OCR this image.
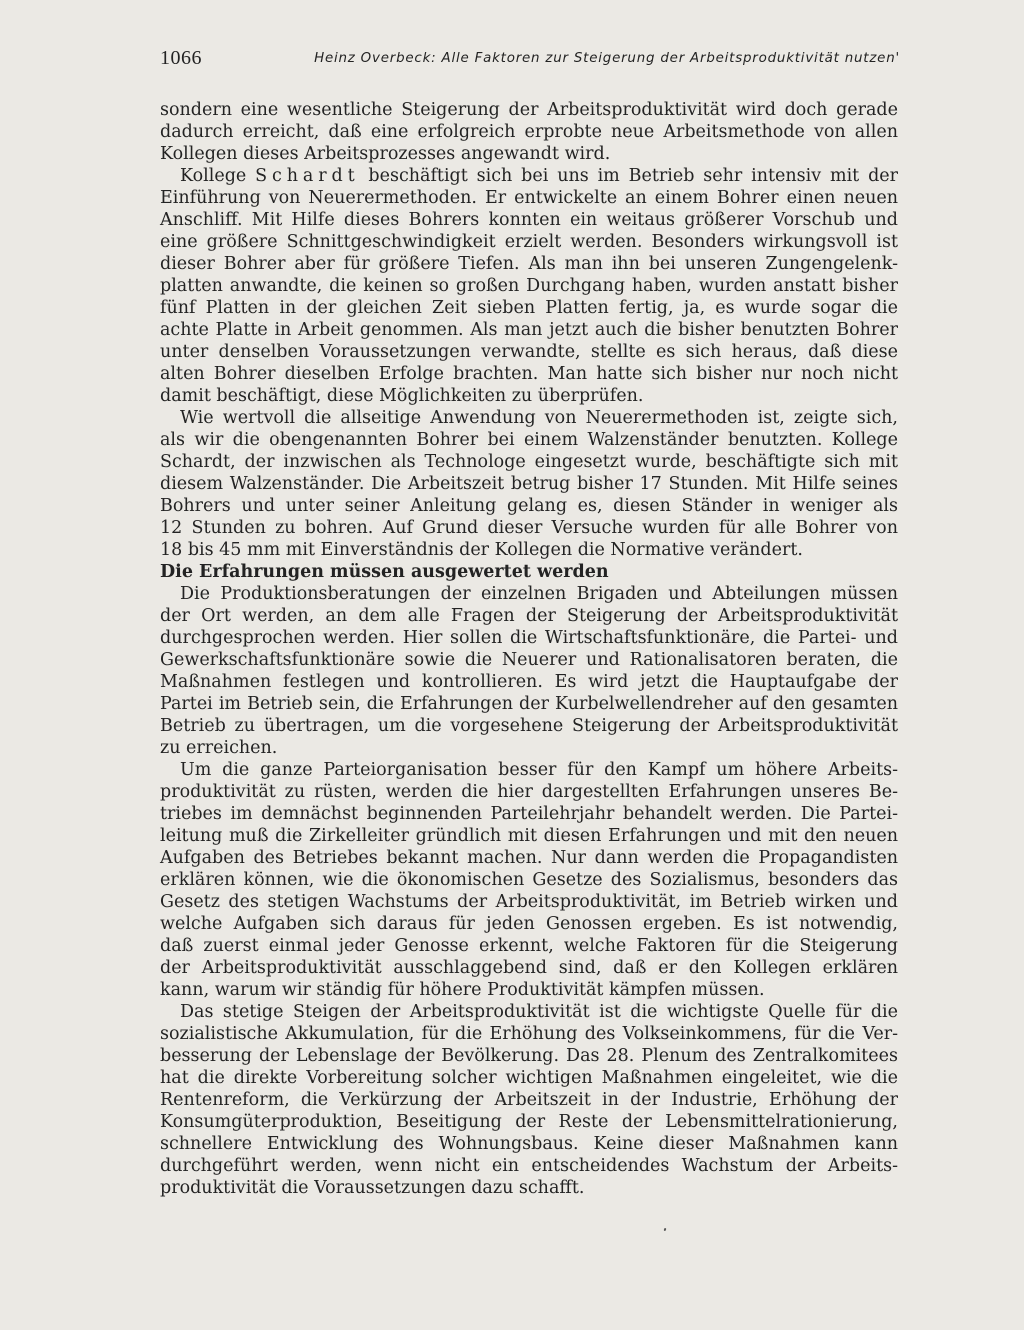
1066	Heinz Overbeck: Alle Faktoren zur Steigerung der Arbeitsproduktivität nutzen'
sondern eine wesentliche Steigerung der Arbeitsproduktivität wird doch gerade
dadurch erreicht, daß eine erfolgreich erprobte neue Arbeitsmethode von allen
Kollegen dieses Arbeitsprozesses angewandt wird.
Kollege Schardt beschäftigt sich bei uns im Betrieb sehr intensiv mit der
Einführung von Neuerermethoden. Er entwickelte an einem Bohrer einen neuen
Anschliff. Mit Hilfe dieses Bohrers konnten ein weitaus größerer Vorschub und
eine größere Schnittgeschwindigkeit erzielt werden. Besonders wirkungsvoll ist
dieser Bohrer aber für größere Tiefen. Als man ihn bei unseren Zungengelenk-
platten anwandte, die keinen so großen Durchgang haben, wurden anstatt bisher
fünf Platten in der gleichen Zeit sieben Platten fertig, ja, es wurde sogar die
achte Platte in Arbeit genommen. Als man jetzt auch die bisher benutzten Bohrer
unter denselben Voraussetzungen verwandte, stellte es sich heraus, daß diese
alten Bohrer dieselben Erfolge brachten. Man hatte sich bisher nur noch nicht
damit beschäftigt, diese Möglichkeiten zu überprüfen.
Wie wertvoll die allseitige Anwendung von Neuerermethoden ist, zeigte sich,
als wir die obengenannten Bohrer bei einem Walzenständer benutzten. Kollege
Schardt, der inzwischen als Technologe eingesetzt wurde, beschäftigte sich mit
diesem Walzenständer. Die Arbeitszeit betrug bisher 17 Stunden. Mit Hilfe seines
Bohrers und unter seiner Anleitung gelang es, diesen Ständer in weniger als
12 Stunden zu bohren. Auf Grund dieser Versuche wurden für alle Bohrer von
18 bis 45 mm mit Einverständnis der Kollegen die Normative verändert.
Die Erfahrungen müssen ausgewertet werden
Die Produktionsberatungen der einzelnen Brigaden und Abteilungen müssen
der Ort werden, an dem alle Fragen der Steigerung der Arbeitsproduktivität
durchgesprochen werden. Hier sollen die Wirtschaftsfunktionäre, die Partei- und
Gewerkschaftsfunktionäre sowie die Neuerer und Rationalisatoren beraten, die
Maßnahmen festlegen und kontrollieren. Es wird jetzt die Hauptaufgabe der
Partei im Betrieb sein, die Erfahrungen der Kurbelwellendreher auf den gesamten
Betrieb zu übertragen, um die vorgesehene Steigerung der Arbeitsproduktivität
zu erreichen.
Um die ganze Parteiorganisation besser für den Kampf um höhere Arbeits-
produktivität zu rüsten, werden die hier dargestellten Erfahrungen unseres Be-
triebes im demnächst beginnenden Parteilehrjahr behandelt werden. Die Partei-
leitung muß die Zirkelleiter gründlich mit diesen Erfahrungen und mit den neuen
Aufgaben des Betriebes bekannt machen. Nur dann werden die Propagandisten
erklären können, wie die ökonomischen Gesetze des Sozialismus, besonders das
Gesetz des stetigen Wachstums der Arbeitsproduktivität, im Betrieb wirken und
welche Aufgaben sich daraus für jeden Genossen ergeben. Es ist notwendig,
daß zuerst einmal jeder Genosse erkennt, welche Faktoren für die Steigerung
der Arbeitsproduktivität ausschlaggebend sind, daß er den Kollegen erklären
kann, warum wir ständig für höhere Produktivität kämpfen müssen.
Das stetige Steigen der Arbeitsproduktivität ist die wichtigste Quelle für die
sozialistische Akkumulation, für die Erhöhung des Volkseinkommens, für die Ver-
besserung der Lebenslage der Bevölkerung. Das 28. Plenum des Zentralkomitees
hat die direkte Vorbereitung solcher wichtigen Maßnahmen eingeleitet, wie die
Rentenreform, die Verkürzung der Arbeitszeit in der Industrie, Erhöhung der
Konsumgüterproduktion, Beseitigung der Reste der Lebensmittelrationierung,
schnellere Entwicklung des Wohnungsbaus. Keine dieser Maßnahmen kann
durchgeführt werden, wenn nicht ein entscheidendes Wachstum der Arbeits-
produktivität die Voraussetzungen dazu schafft.
